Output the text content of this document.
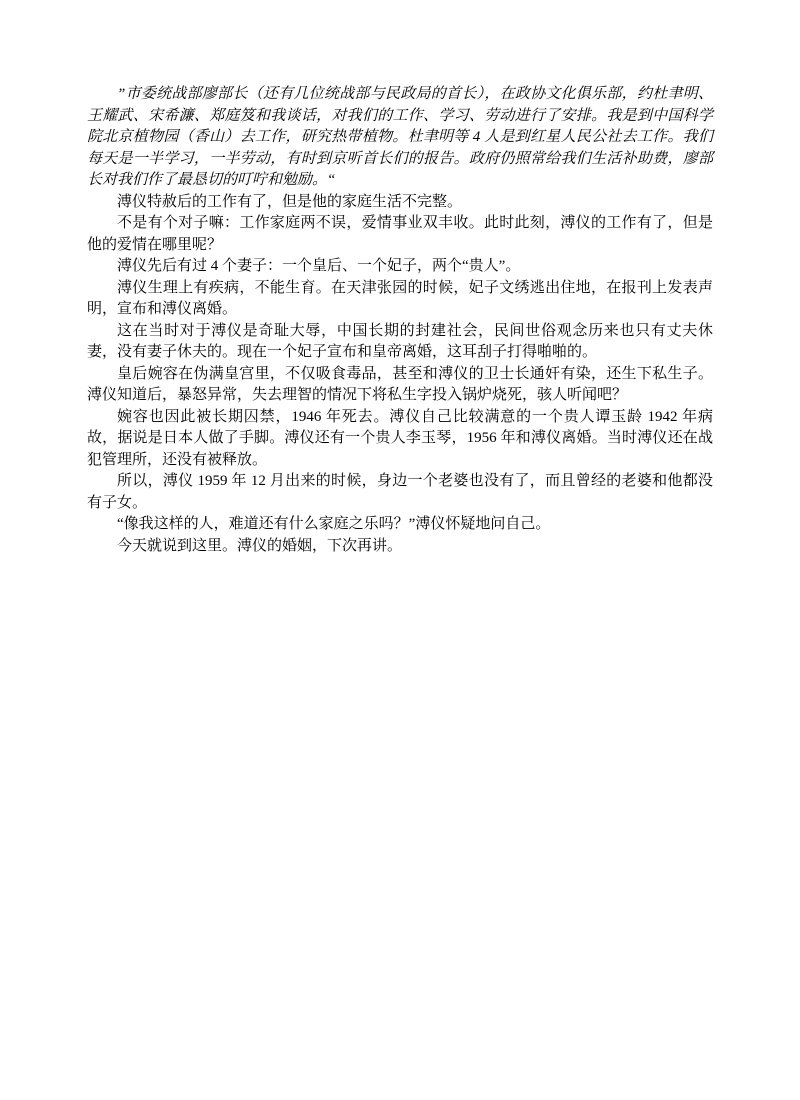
”市委统战部廖部长（还有几位统战部与民政局的首长），在政协文化俱乐部，约杜聿明、王耀武、宋希濂、郑庭笈和我谈话，对我们的工作、学习、劳动进行了安排。我是到中国科学院北京植物园（香山）去工作，研究热带植物。杜聿明等 4 人是到红星人民公社去工作。我们每天是一半学习，一半劳动，有时到京听首长们的报告。政府仍照常给我们生活补助费，廖部长对我们作了最恳切的叮咛和勉励。“

溥仪特赦后的工作有了，但是他的家庭生活不完整。

不是有个对子嘛：工作家庭两不误，爱情事业双丰收。此时此刻，溥仪的工作有了，但是他的爱情在哪里呢？

溥仪先后有过 4 个妻子：一个皇后、一个妃子，两个“贵人”。

溥仪生理上有疾病，不能生育。在天津张园的时候，妃子文绣逃出住地，在报刊上发表声明，宣布和溥仪离婚。

这在当时对于溥仪是奇耻大辱，中国长期的封建社会，民间世俗观念历来也只有丈夫休妻，没有妻子休夫的。现在一个妃子宣布和皇帝离婚，这耳刮子打得啪啪的。

皇后婉容在伪满皇宫里，不仅吸食毒品，甚至和溥仪的卫士长通奸有染，还生下私生子。溥仪知道后，暴怒异常，失去理智的情况下将私生字投入锅炉烧死，骇人听闻吧？

婉容也因此被长期囚禁，1946 年死去。溥仪自己比较满意的一个贵人谭玉龄 1942 年病故，据说是日本人做了手脚。溥仪还有一个贵人李玉琴，1956 年和溥仪离婚。当时溥仪还在战犯管理所，还没有被释放。

所以，溥仪 1959 年 12 月出来的时候，身边一个老婆也没有了，而且曾经的老婆和他都没有子女。

“像我这样的人，难道还有什么家庭之乐吗？”溥仪怀疑地问自己。

今天就说到这里。溥仪的婚姻，下次再讲。
